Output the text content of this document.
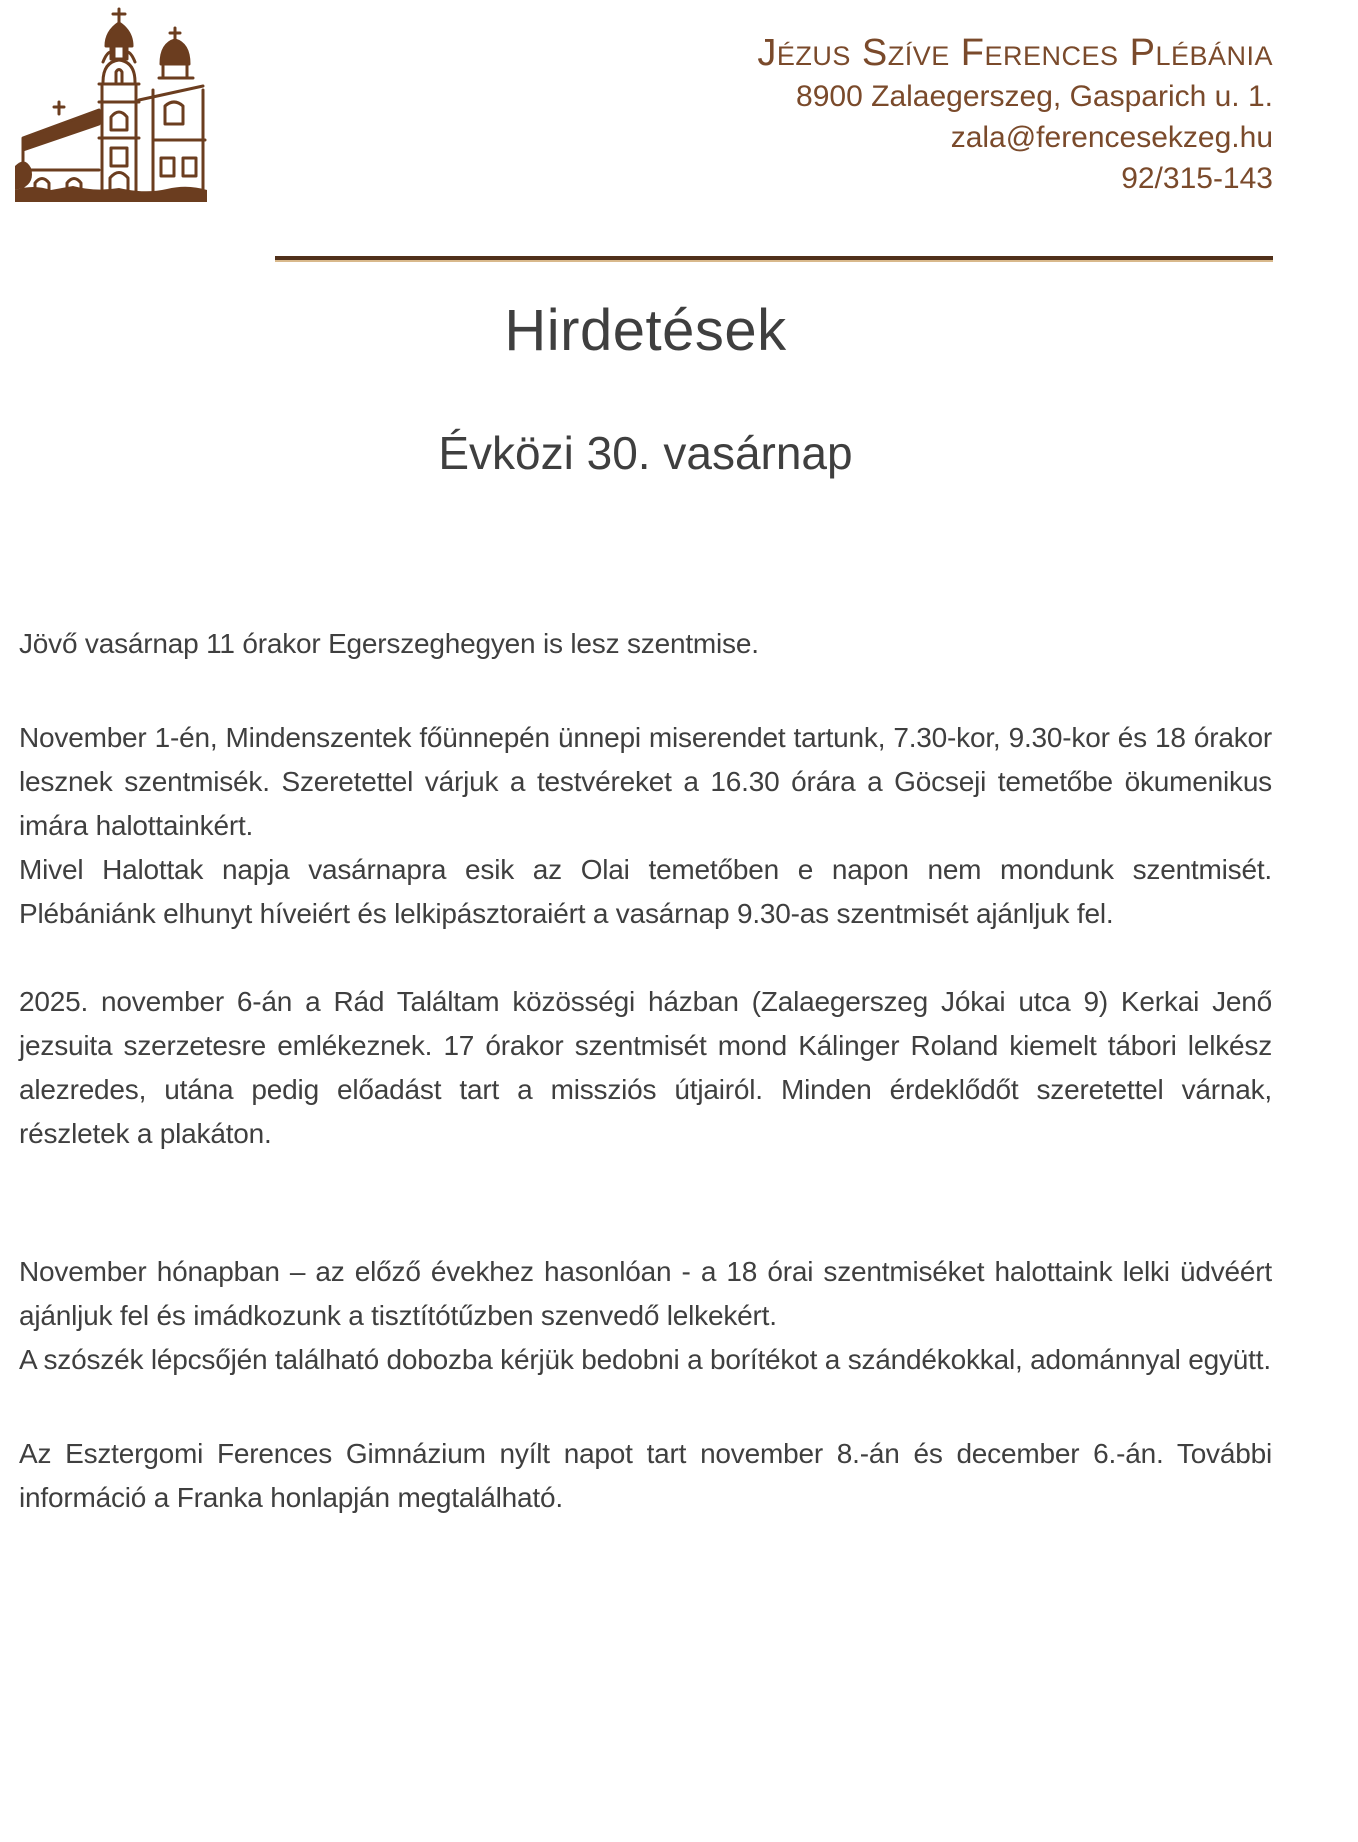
Jézus Szíve Ferences Plébánia
8900 Zalaegerszeg, Gasparich u. 1.
zala@ferencesekzeg.hu
92/315-143
Hirdetések
Évközi 30. vasárnap

Jövő vasárnap 11 órakor Egerszeghegyen is lesz szentmise.

November 1-én, Mindenszentek főünnepén ünnepi miserendet tartunk, 7.30-kor, 9.30-kor és 18 órakor lesznek szentmisék. Szeretettel várjuk a testvéreket a 16.30 órára a Göcseji temetőbe ökumenikus imára halottainkért.

Mivel Halottak napja vasárnapra esik az Olai temetőben e napon nem mondunk szentmisét. Plébániánk elhunyt híveiért és lelkipásztoraiért a vasárnap 9.30-as szentmisét ajánljuk fel.

2025. november 6-án a Rád Találtam közösségi házban (Zalaegerszeg Jókai utca 9) Kerkai Jenő jezsuita szerzetesre emlékeznek. 17 órakor szentmisét mond Kálinger Roland kiemelt tábori lelkész alezredes, utána pedig előadást tart a missziós útjairól. Minden érdeklődőt szeretettel várnak, részletek a plakáton.

November hónapban – az előző évekhez hasonlóan - a 18 órai szentmiséket halottaink lelki üdvéért ajánljuk fel és imádkozunk a tisztítótűzben szenvedő lelkekért.

A szószék lépcsőjén található dobozba kérjük bedobni a borítékot a szándékokkal, adománnyal együtt.

Az Esztergomi Ferences Gimnázium nyílt napot tart november 8.-án és december 6.-án. További információ a Franka honlapján megtalálható.
